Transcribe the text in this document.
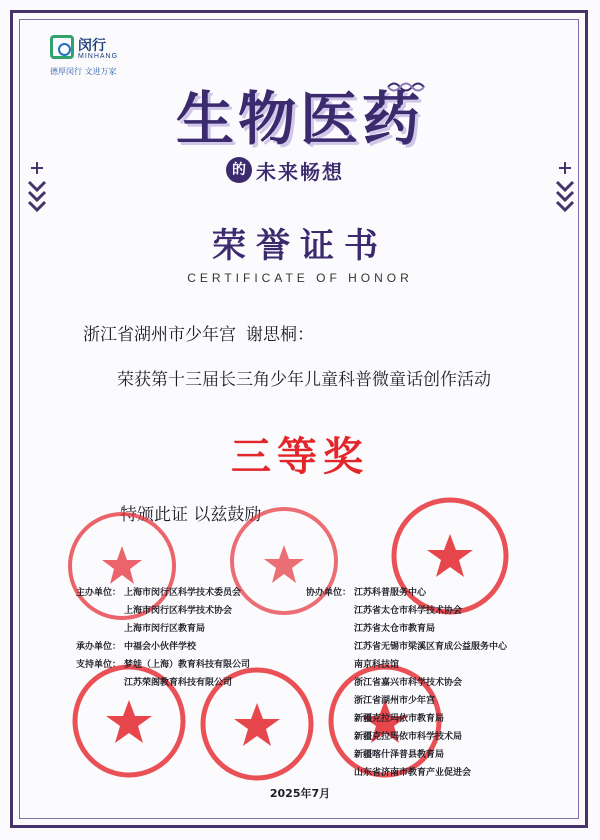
闵行
MINHANG
德厚闵行 文进万家
生物医药
的 未来畅想
荣誉证书
CERTIFICATE OF HONOR
浙江省湖州市少年宫 谢思桐：
荣获第十三届长三角少年儿童科普微童话创作活动
三等奖
特颁此证 以兹鼓励
主办单位： 上海市闵行区科学技术委员会
上海市闵行区科学技术协会
上海市闵行区教育局
承办单位： 中福会小伙伴学校
支持单位： 梦娃（上海）教育科技有限公司
江苏荣阁教育科技有限公司
协办单位： 江苏科普服务中心
江苏省太仓市科学技术协会
江苏省太仓市教育局
江苏省无锡市梁溪区育成公益服务中心
南京科技馆
浙江省嘉兴市科学技术协会
浙江省湖州市少年宫
新疆克拉玛依市教育局
新疆克拉玛依市科学技术局
新疆喀什泽普县教育局
山东省济南市教育产业促进会
2025年7月
